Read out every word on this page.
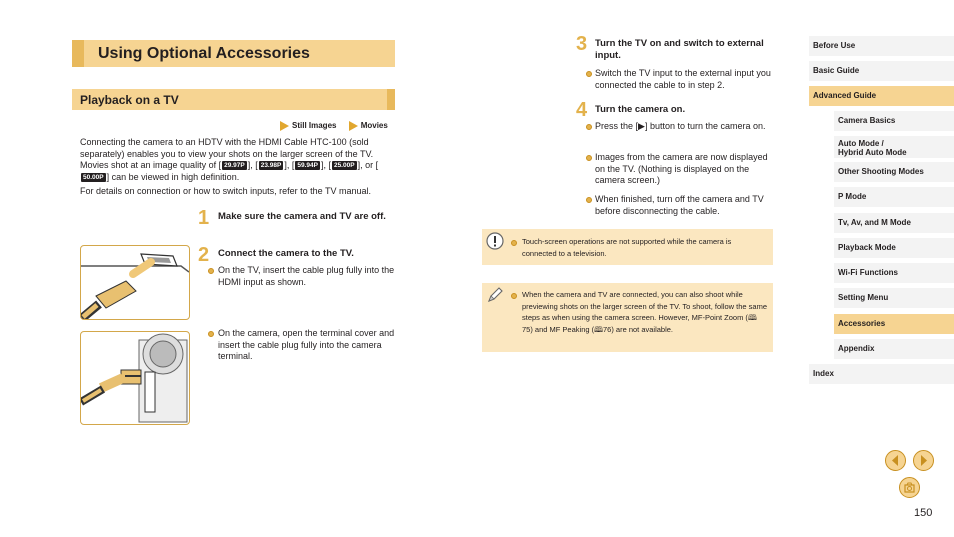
Using Optional Accessories
Playback on a TV
Still Images	Movies
Connecting the camera to an HDTV with the HDMI Cable HTC-100 (sold separately) enables you to view your shots on the larger screen of the TV. Movies shot at an image quality of [ 29.97P ], [ 23.98P ], [ 59.94P ], [ 25.00P ], or [50.00P ] can be viewed in high definition.
For details on connection or how to switch inputs, refer to the TV manual.
1 Make sure the camera and TV are off.
2 Connect the camera to the TV.
On the TV, insert the cable plug fully into the HDMI input as shown.
On the camera, open the terminal cover and insert the cable plug fully into the camera terminal.
3 Turn the TV on and switch to external input.
Switch the TV input to the external input you connected the cable to in step 2.
4 Turn the camera on.
Press the [▶] button to turn the camera on.
Images from the camera are now displayed on the TV. (Nothing is displayed on the camera screen.)
When finished, turn off the camera and TV before disconnecting the cable.
Touch-screen operations are not supported while the camera is connected to a television.
When the camera and TV are connected, you can also shoot while previewing shots on the larger screen of the TV. To shoot, follow the same steps as when using the camera screen. However, MF-Point Zoom (🕮75) and MF Peaking (🕮76) are not available.
Before Use
Basic Guide
Advanced Guide
Camera Basics
Auto Mode /
Hybrid Auto Mode
Other Shooting Modes
P Mode
Tv, Av, and M Mode
Playback Mode
Wi-Fi Functions
Setting Menu
Accessories
Appendix
Index
150
